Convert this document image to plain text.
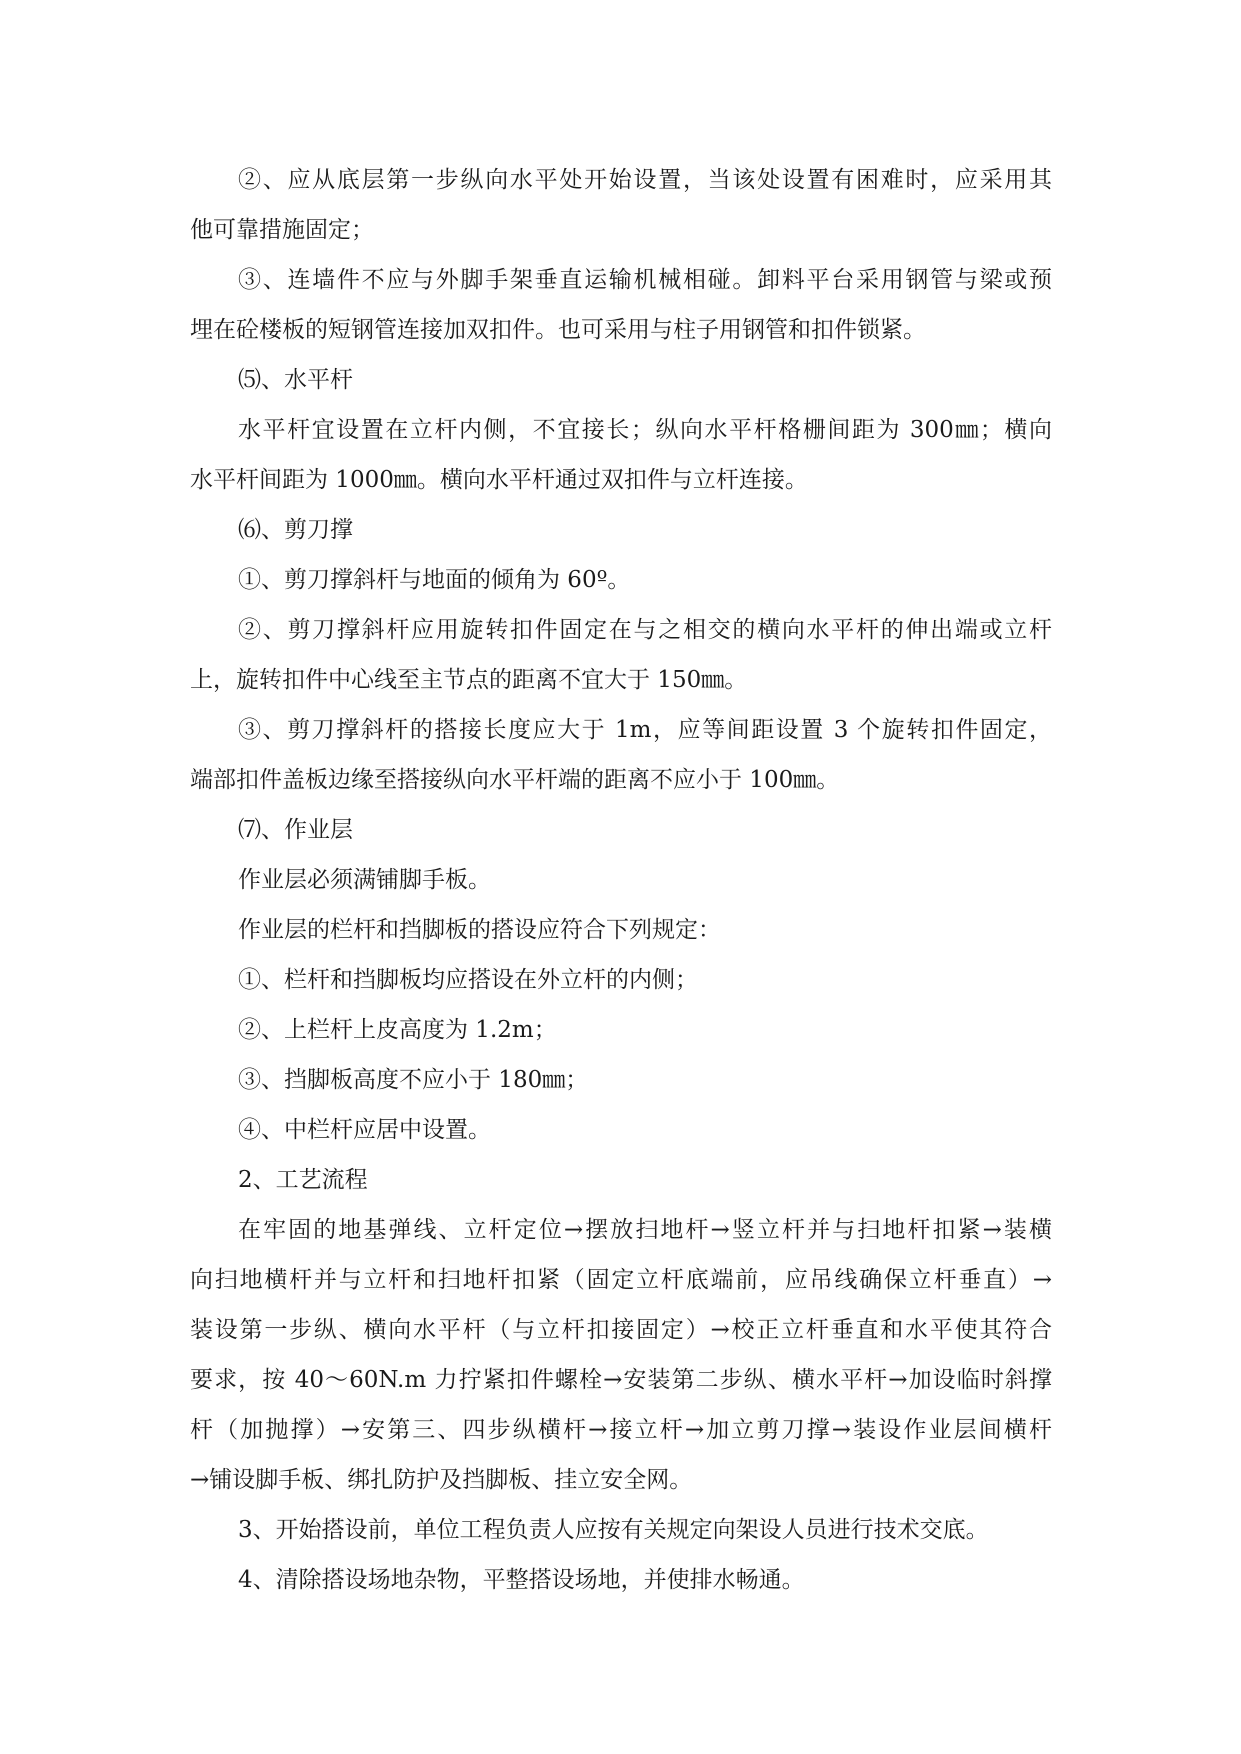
②、应从底层第一步纵向水平处开始设置，当该处设置有困难时，应采用其
他可靠措施固定；
③、连墙件不应与外脚手架垂直运输机械相碰。卸料平台采用钢管与梁或预
埋在砼楼板的短钢管连接加双扣件。也可采用与柱子用钢管和扣件锁紧。
⑸、水平杆
水平杆宜设置在立杆内侧，不宜接长；纵向水平杆格栅间距为 300㎜；横向
水平杆间距为 1000㎜。横向水平杆通过双扣件与立杆连接。
⑹、剪刀撑
①、剪刀撑斜杆与地面的倾角为 60º。
②、剪刀撑斜杆应用旋转扣件固定在与之相交的横向水平杆的伸出端或立杆
上，旋转扣件中心线至主节点的距离不宜大于 150㎜。
③、剪刀撑斜杆的搭接长度应大于 1m，应等间距设置 3 个旋转扣件固定，
端部扣件盖板边缘至搭接纵向水平杆端的距离不应小于 100㎜。
⑺、作业层
作业层必须满铺脚手板。
作业层的栏杆和挡脚板的搭设应符合下列规定：
①、栏杆和挡脚板均应搭设在外立杆的内侧；
②、上栏杆上皮高度为 1.2m；
③、挡脚板高度不应小于 180㎜；
④、中栏杆应居中设置。
2、工艺流程
在牢固的地基弹线、立杆定位→摆放扫地杆→竖立杆并与扫地杆扣紧→装横
向扫地横杆并与立杆和扫地杆扣紧（固定立杆底端前，应吊线确保立杆垂直）→
装设第一步纵、横向水平杆（与立杆扣接固定）→校正立杆垂直和水平使其符合
要求，按 40～60N.m 力拧紧扣件螺栓→安装第二步纵、横水平杆→加设临时斜撑
杆（加抛撑）→安第三、四步纵横杆→接立杆→加立剪刀撑→装设作业层间横杆
→铺设脚手板、绑扎防护及挡脚板、挂立安全网。
3、开始搭设前，单位工程负责人应按有关规定向架设人员进行技术交底。
4、清除搭设场地杂物，平整搭设场地，并使排水畅通。
